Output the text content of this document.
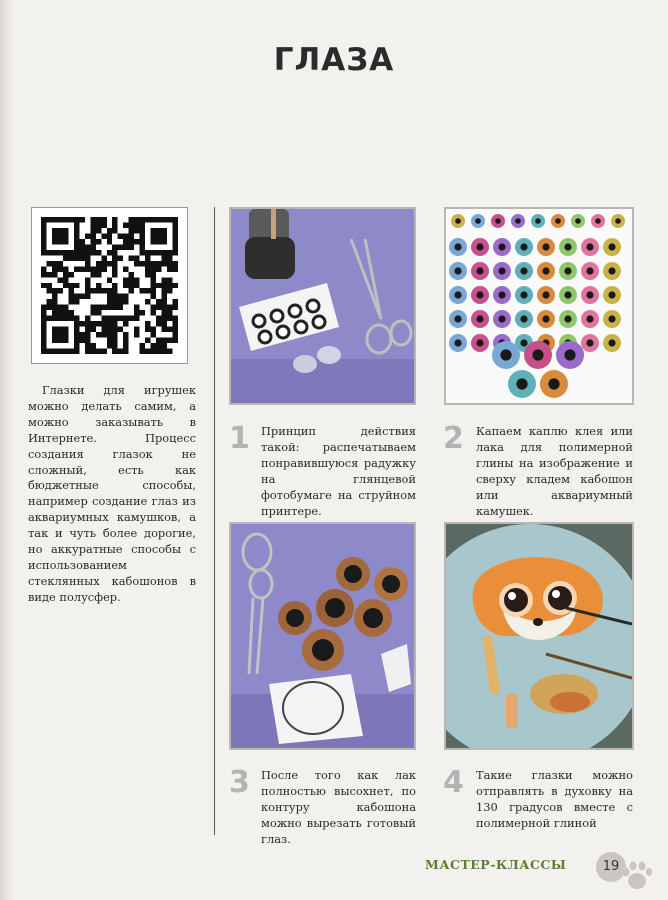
ГЛАЗА
Глазки для игрушек можно делать самим, а можно заказывать в Интернете. Процесс создания глазок не сложный, есть как бюджетные способы, например создание глаз из аквариумных камушков, а так и чуть более дорогие, но аккуратные способы с использованием стеклянных кабошонов в виде полусфер.
1	2
3	4
Принцип действия такой: распечатываем понравившуюся радужку на глянцевой фотобумаге на струйном принтере.
Капаем каплю клея или лака для полимерной глины на изображение и сверху кладем кабошон или аквариумный камушек.
После того как лак полностью высохнет, по контуру кабошона можно вырезать готовый глаз.
Такие глазки можно отправлять в духовку на 130 градусов вместе с полимерной глиной
МАСТЕР-КЛАССЫ	19
